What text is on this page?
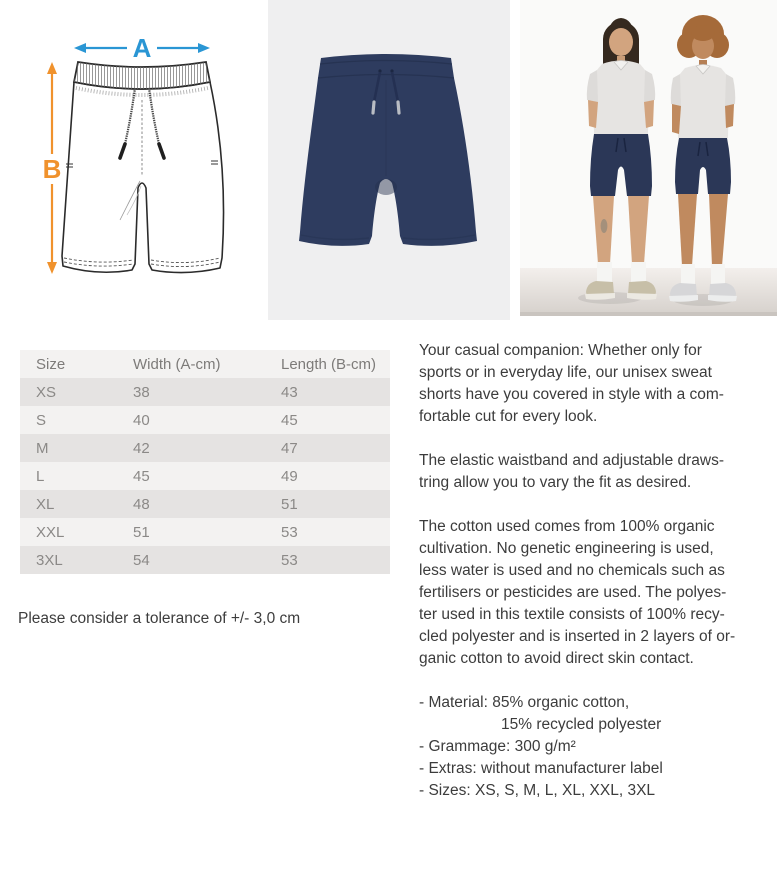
A
B
Size	Width (A-cm)	Length (B-cm)
XS	38	43
S	40	45
M	42	47
L	45	49
XL	48	51
XXL	51	53
3XL	54	53

Please consider a tolerance of +/- 3,0 cm

Your casual companion: Whether only for
sports or in everyday life, our unisex sweat
shorts have you covered in style with a com-
fortable cut for every look.
The elastic waistband and adjustable draws-
tring allow you to vary the fit as desired.
The cotton used comes from 100% organic
cultivation. No genetic engineering is used,
less water is used and no chemicals such as
fertilisers or pesticides are used. The polyes-
ter used in this textile consists of 100% recy-
cled polyester and is inserted in 2 layers of or-
ganic cotton to avoid direct skin contact.
- Material: 85% organic cotton,
15% recycled polyester
- Grammage: 300 g/m²
- Extras: without manufacturer label
- Sizes: XS, S, M, L, XL, XXL, 3XL
